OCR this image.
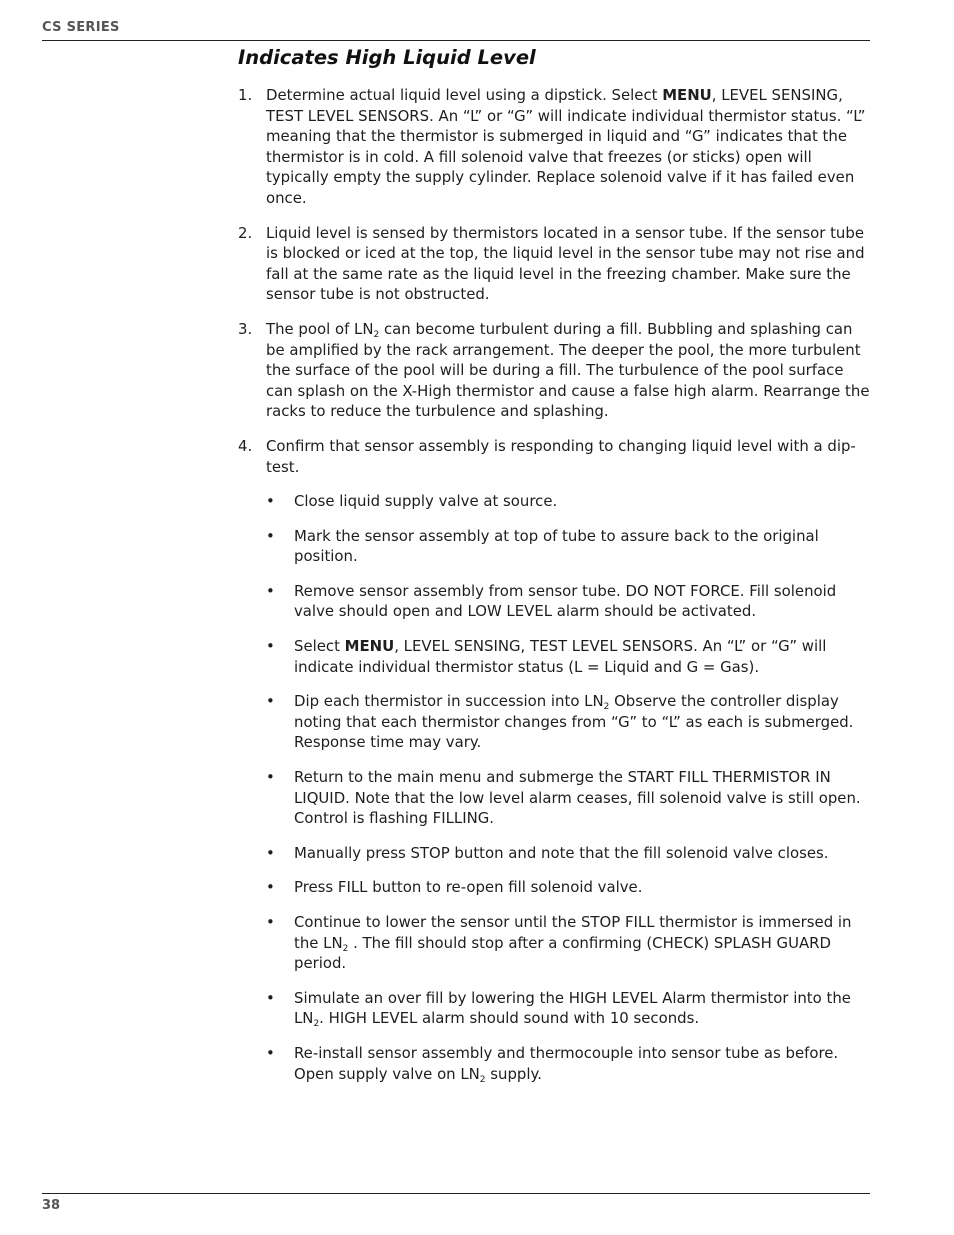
CS SERIES
Indicates High Liquid Level
1. Determine actual liquid level using a dipstick. Select MENU, LEVEL SENSING, TEST LEVEL SENSORS. An “L” or “G” will indicate individual thermistor status. “L” meaning that the thermistor is submerged in liquid and “G” indicates that the thermistor is in cold. A fill solenoid valve that freezes (or sticks) open will typically empty the supply cylinder. Replace solenoid valve if it has failed even once.
2. Liquid level is sensed by thermistors located in a sensor tube. If the sensor tube is blocked or iced at the top, the liquid level in the sensor tube may not rise and fall at the same rate as the liquid level in the freezing chamber. Make sure the sensor tube is not obstructed.
3. The pool of $LN_2$ can become turbulent during a fill. Bubbling and splashing can be amplified by the rack arrangement. The deeper the pool, the more turbulent the surface of the pool will be during a fill. The turbulence of the pool surface can splash on the X-High thermistor and cause a false high alarm. Rearrange the racks to reduce the turbulence and splashing.
4. Confirm that sensor assembly is responding to changing liquid level with a dip-test.
•	Close liquid supply valve at source.
•	Mark the sensor assembly at top of tube to assure back to the original position.
•	Remove sensor assembly from sensor tube. DO NOT FORCE. Fill solenoid valve should open and LOW LEVEL alarm should be activated.
•	Select MENU, LEVEL SENSING, TEST LEVEL SENSORS. An “L” or “G” will indicate individual thermistor status (L = Liquid and G = Gas).
•	Dip each thermistor in succession into $LN_2$ Observe the controller display noting that each thermistor changes from “G” to “L” as each is submerged. Response time may vary.
•	Return to the main menu and submerge the START FILL THERMISTOR IN LIQUID. Note that the low level alarm ceases, fill solenoid valve is still open. Control is flashing FILLING.
•	Manually press STOP button and note that the fill solenoid valve closes.
•	Press FILL button to re-open fill solenoid valve.
•	Continue to lower the sensor until the STOP FILL thermistor is immersed in the $LN_2$ . The fill should stop after a confirming (CHECK) SPLASH GUARD period.
•	Simulate an over fill by lowering the HIGH LEVEL Alarm thermistor into the $LN_2$. HIGH LEVEL alarm should sound with 10 seconds.
•	Re-install sensor assembly and thermocouple into sensor tube as before. Open supply valve on $LN_2$ supply.
38
